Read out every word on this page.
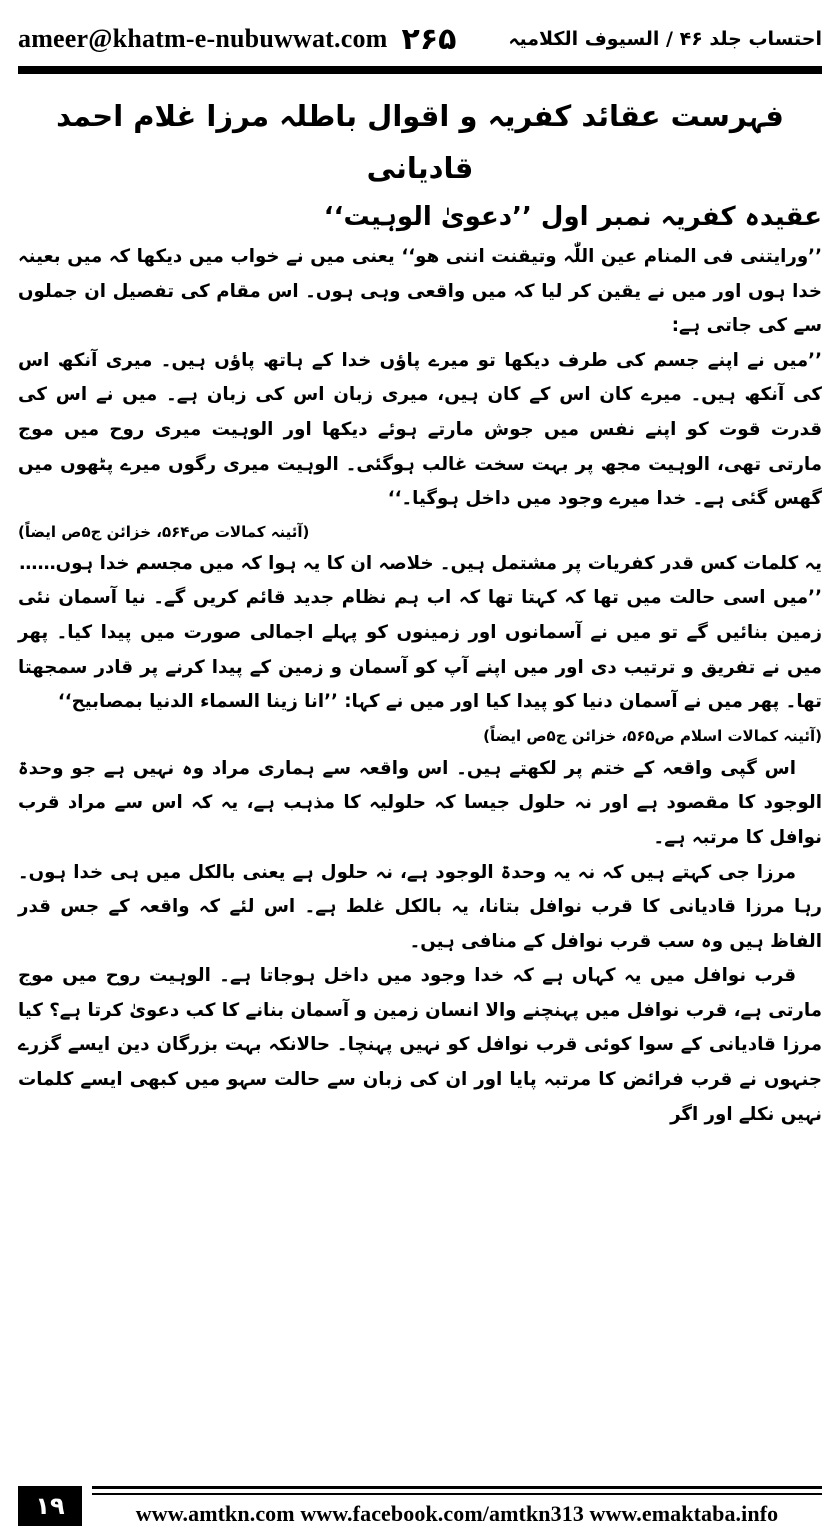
ameer@khatm-e-nubuwwat.com ۲۶۵	احتساب جلد ۴۶ / السیوف الکلامیہ
فہرست عقائد کفریہ و اقوال باطلہ مرزا غلام احمد قادیانی
عقیدہ کفریہ نمبر اول ’’دعویٰ الوہیت‘‘

’’ورایتنی فی المنام عین اللّٰہ وتیقنت اننی ھو‘‘ یعنی میں نے خواب میں دیکھا کہ میں بعینہ خدا ہوں اور میں نے یقین کر لیا کہ میں واقعی وہی ہوں۔ اس مقام کی تفصیل ان جملوں سے کی جاتی ہے:

’’میں نے اپنے جسم کی طرف دیکھا تو میرے پاؤں خدا کے ہاتھ پاؤں ہیں۔ میری آنکھ اس کی آنکھ ہیں۔ میرے کان اس کے کان ہیں، میری زبان اس کی زبان ہے۔ میں نے اس کی قدرت قوت کو اپنے نفس میں جوش مارتے ہوئے دیکھا اور الوہیت میری روح میں موج مارتی تھی، الوہیت مجھ پر بہت سخت غالب ہوگئی۔ الوہیت میری رگوں میرے پٹھوں میں گھس گئی ہے۔ خدا میرے وجود میں داخل ہوگیا۔‘‘

(آئینہ کمالات ص۵۶۴، خزائن ج۵ص ایضاً)

یہ کلمات کس قدر کفریات پر مشتمل ہیں۔ خلاصہ ان کا یہ ہوا کہ میں مجسم خدا ہوں……

’’میں اسی حالت میں تھا کہ کہتا تھا کہ اب ہم نظام جدید قائم کریں گے۔ نیا آسمان نئی زمین بنائیں گے تو میں نے آسمانوں اور زمینوں کو پہلے اجمالی صورت میں پیدا کیا۔ پھر میں نے تفریق و ترتیب دی اور میں اپنے آپ کو آسمان و زمین کے پیدا کرنے پر قادر سمجھتا تھا۔ پھر میں نے آسمان دنیا کو پیدا کیا اور میں نے کہا: ’’انا زینا السماء الدنیا بمصابیح‘‘

(آئینہ کمالات اسلام ص۵۶۵، خزائن ج۵ص ایضاً)

اس گپی واقعہ کے ختم پر لکھتے ہیں۔ اس واقعہ سے ہماری مراد وہ نہیں ہے جو وحدۃ الوجود کا مقصود ہے اور نہ حلول جیسا کہ حلولیہ کا مذہب ہے، یہ کہ اس سے مراد قرب نوافل کا مرتبہ ہے۔

مرزا جی کہتے ہیں کہ نہ یہ وحدۃ الوجود ہے، نہ حلول ہے یعنی بالکل میں ہی خدا ہوں۔ رہا مرزا قادیانی کا قرب نوافل بتانا، یہ بالکل غلط ہے۔ اس لئے کہ واقعہ کے جس قدر الفاظ ہیں وہ سب قرب نوافل کے منافی ہیں۔

قرب نوافل میں یہ کہاں ہے کہ خدا وجود میں داخل ہوجاتا ہے۔ الوہیت روح میں موج مارتی ہے، قرب نوافل میں پہنچنے والا انسان زمین و آسمان بنانے کا کب دعویٰ کرتا ہے؟ کیا مرزا قادیانی کے سوا کوئی قرب نوافل کو نہیں پہنچا۔ حالانکہ بہت بزرگان دین ایسے گزرے جنہوں نے قرب فرائض کا مرتبہ پایا اور ان کی زبان سے حالت سہو میں کبھی ایسے کلمات نہیں نکلے اور اگر

۱۹	www.amtkn.com www.facebook.com/amtkn313 www.emaktaba.info
